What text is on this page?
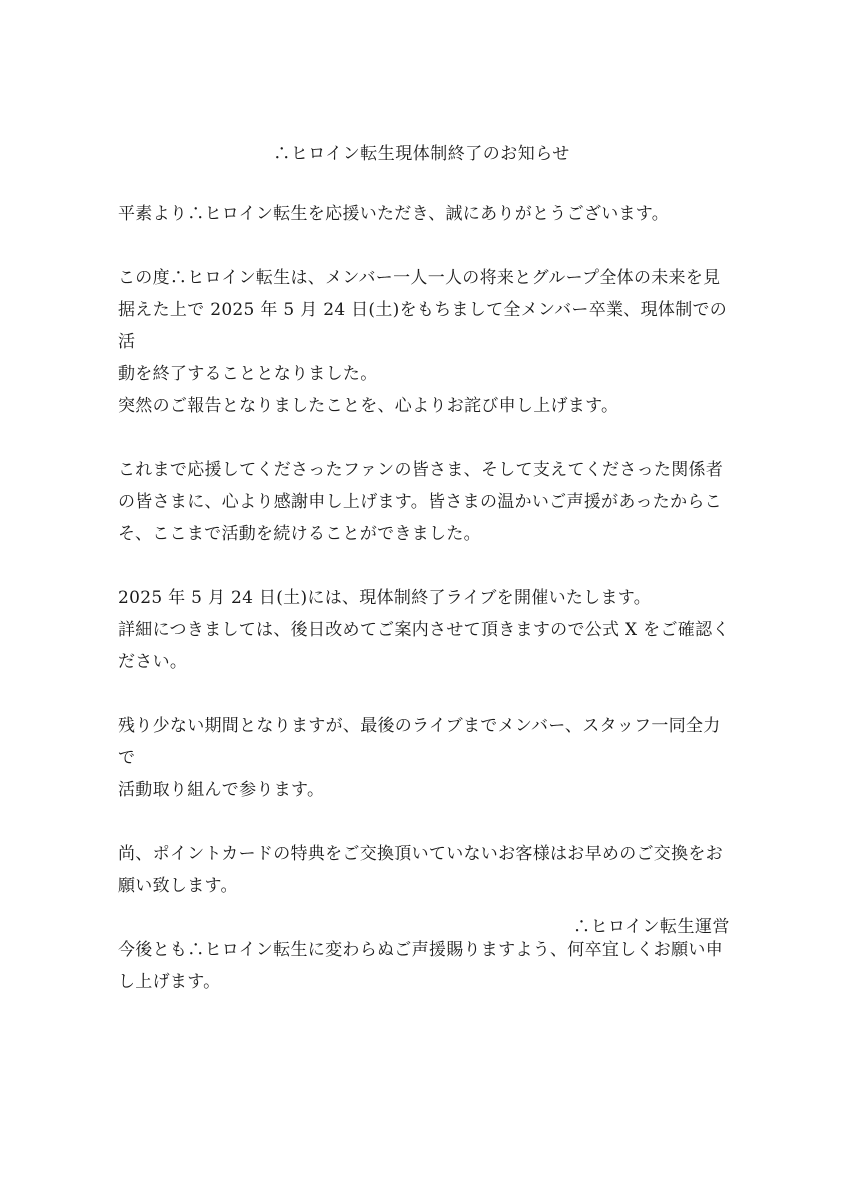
∴ヒロイン転生現体制終了のお知らせ

平素より∴ヒロイン転生を応援いただき、誠にありがとうございます。

この度∴ヒロイン転生は、メンバー一人一人の将来とグループ全体の未来を見
据えた上で 2025 年 5 月 24 日(土)をもちまして全メンバー卒業、現体制での活
動を終了することとなりました。
突然のご報告となりましたことを、心よりお詫び申し上げます。

これまで応援してくださったファンの皆さま、そして支えてくださった関係者
の皆さまに、心より感謝申し上げます。皆さまの温かいご声援があったからこ
そ、ここまで活動を続けることができました。

2025 年 5 月 24 日(土)には、現体制終了ライブを開催いたします。
詳細につきましては、後日改めてご案内させて頂きますので公式 X をご確認く
ださい。

残り少ない期間となりますが、最後のライブまでメンバー、スタッフ一同全力で
活動取り組んで参ります。

尚、ポイントカードの特典をご交換頂いていないお客様はお早めのご交換をお
願い致します。

今後とも∴ヒロイン転生に変わらぬご声援賜りますよう、何卒宜しくお願い申
し上げます。

∴ヒロイン転生運営
